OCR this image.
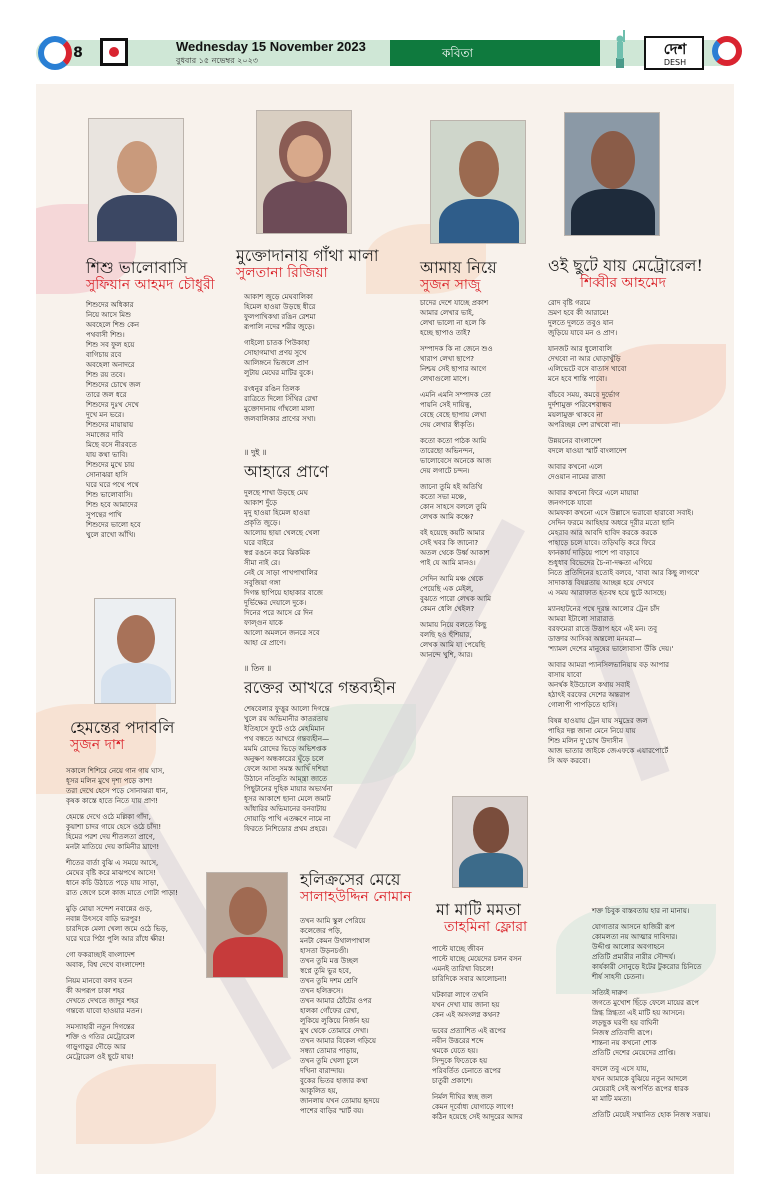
8	Wednesday 15 November 2023
বুধবার ১৫ নভেম্বর ২০২৩
কবিতা	দেশ
DESH
শিশু ভালোবাসি
সুফিয়ান আহমদ চৌধুরী

শিশুদের অধিকার

নিয়ে আসে মিশু

অবহেলে শিশু কেন

পথবাসী শিশু।

শিশু সব ফুল হয়ে

বাগিচায় রবে

অবহেলা অনাদরে

শিশু রয় তবে।

শিশুদের চোখে জল

তারে জল ধরে

শিশুদের দুঃখ দেখে

দুখে মন ভরে।

শিশুদের মায়ায়ায়

সমাজের দাবি

মিছে বসে নীরবতে

যায় কথা ভাবি।

শিশুদের মুখে চায়

সোনাঝরা হাসি

ঘরে ঘরে পথে পথে

শিশু ভালোবাসি।

শিশু হবে আমাদের

সুপন্থের পাখি

শিশুদের ভালো হবে

খুলে রাখো আঁখি।

মুক্তোদানায় গাঁথা মালা
সুলতানা রিজিয়া

আকাশ জুড়ে মেঘবালিকা

হিমেল হাওয়া উড়ছে ধীরে

ফুলপাখিকথা রঙিন রেশমা

রূপালি নদের শরীর জুড়ে।

গাইলো চাতক পিউকাহা

সোহাগমাখা প্রণয় সুখে

আলিঙ্গনে ভিজলে প্রাণ

লুটায় মেঘের মাটির বুকে।

রংধনুর রঙিন তিলক

রাত্রিতে দিলো সিঁথির রেখা

মুক্তোদানায় গাঁথলো মালা

জলবালিকার প্রাণের সখা।

॥ দুই ॥
আহারে প্রাণে

দুলছে শাখা উড়ছে মেঘ

আকাশ দুঁড়ে

মৃদু হাওয়া হিমেল হাওয়া

প্রকৃতি জুড়ে।

আলোয় ছায়া খেলছে খেলা

ঘরে বাইরে

স্বপ্ন রঙনে করে ঝিকমিক

সীমা নাই রে।

নেই যে সাড়া পাখপাখালির

সবুজিয়া গঙ্গা

দিগন্ত ছাপিয়ে হাহাকার বাজে

দুর্ভিক্ষের দেয়ালে দুকে।

দিনের পরে আসে রে দিন

ফাল্গুন যাকে

আলো অমলনে জনরে সবে

আহা রে প্রাণে।

॥ তিন ॥
রক্তের আখরে গন্তব্যহীন

শেষবেলার ফুত্তুর আলো দিগন্তে

খুলে রয় অভিমানীর কাতরতায়

ইতিহাসে ফুটে ওঠে মেহমিমান

পথ বন্ধতে আখরে গন্তব্যহীন—

মমমি রোদের ভিড়ে অভিশপ্তক

অনুক্ষণ অন্ধকারের ঘুঁড়ে চলে

ফেলে আসা সমস্ত আখিঁ দশিয়া

উঠানে নতিনুতি আম্ন্ত্রা জাতে

পিছুটানের দুহিক মায়ার অভ্যর্থনা

ধূসর আকাশে ছানা মেলে জমাট

আঁধারির অভিমানের বনবাটায়

দোয়াড়ি পাখি এতক্ষণে নামে না

ফিরতে নিশিডোর প্রথম প্রহরে।

আমায় নিয়ে
সুজন সাজু

চাদের দেশে যাচ্ছে প্রকাশ

আমার লেখার ভাই,

লেখা ভালো না হলে কি

হচ্ছে ছাপাও তাই?

সম্পাদক কি না জেনে শুও

খারাপ লেখা ছাপে?

নিশ্চয় সেই ছাপার আগে

লেখাগুলো মাপে।

এমনি এমনি সম্পাদক তো

পায়নি সেই দায়িত্ব,

বেছে বেছে ছাপায় লেখা

দেয় লেখার স্বীকৃতি।

কতো কতো পাঠক আমি

তারেছো অভিনন্দন,

ভালোবেসে অনেকে আজ

দেয় লগাটে চন্দন।

জানো তুমি হই অতিথি

কতো সভা মঞ্চে,

কোন সাহসে বললে তুমি

লেখক আমি কঞ্চে?

বই হয়েছে কয়টি আমার

সেই খবর কি জানো?

অতল থেকে উর্ধ্ব আকাশ

পাই যে আমি মানও।

সেদিন আমি মঞ্চ থেকে

পেয়েছি এক মেইল,

বুঝতে পারো লেখক আমি

কেমন ধেলি খেইল?

আমায় নিয়ে বলতে কিছু

বলছি হও হুঁশিয়ার,

লেখক আমি যা পেয়েছি

আনন্দে খুশি, আর।

ওই ছুটে যায় মেট্রোরেল!
শিব্বীর আহমেদ

রোদ বৃষ্টি গরমে

ভ্রমণ হবে কী আরামে!

দুলতে দুলতে তবুও যান

জুড়িয়ে যাবে মন ও প্রাণ।

যানজট আর ধুলোবালি

দেখবো না আর ঘোড়াখুঁড়ি

এলিভেটে বসে বাতাস খাবো

মনে হবে শান্তি পাবো।

বাঁচবে সময়, কমবে দুর্ভোগ

দুর্দশামুক্ত পরিবেশবান্ধব

ময়লামুক্ত থাকবে না

অপরিচ্ছন্ন দেশ রাখবো না।

উন্নয়নের বাংলাদেশ

বদলে যাওয়া স্মার্ট বাংলাদেশ

আবার কখনো এলে

দেওয়ান নামের রাজা

আবার কখনো ফিরে এলে মায়ায়া

জনগণকে যাবো

আমফকা কখনো এসে উল্লাসে ভরাবো হারাবো সবাই।

সেদিন ফরমে আহিহার অধরে দূরীর মতো ছানি

মেহরাব আর আবদি হাবিদ করকে করকে

পাহাড়ে চলে যাবে। তড়িঘড়ি করে ফিরে

ফানকার্য দাড়িয়ে পাশে পা বাড়াবে

শুধুধাব বিভেদের চৈ-না-দক্ষতা এগিয়ে

নিতে প্রতিদিনের হতোই বলবে, 'বাবা আর কিছু লাগবে'

সাদাকাত্ত বিষণ্ণতায় আচ্ছন্ন হয়ে দেখবে

এ সময় আরাফাত হতবম্ব হয়ে ছুটে আসছে।

ম্যানহাটনের পথে দূরন্ত আলোর ট্রেন চাঁদ

আমরা ইটালো সারারাত

বরফমেরা রাতে উত্তাপ হবে এই মন। তবু

ডাক্তার আসিব্ব অন্তলো মনমরা—

'শ্যামল দেশের মানুষের ভালোবাসা উঁকি দেয়।'

আবার আমরা প্যানসিলভানিয়ায় বড় আপার

বাসায় যাবো

অনর্থক ইউচোলে কথায় সবাই

হঠাৎই বরফের দেশের অন্তরাপ

গোলাপী পাপড়িতে হাসি।

বিষন্ন হাওয়ায় ট্রেন যায় সমুদ্রের জল

পাহির দল্প জানা মেনে নিয়ে যায়

শিশু মলিন দু'চোখ উদাসীন

আজ ভাতার জাইকে জেএফকে এয়ারপোর্টে

সি অফ করবো।

হেমন্তের পদাবলি
সুজন দাশ

সকালে শিশিরে নেয়ে গান গায় ঘাস,

ধূসর মলিন মুখে দৃশ্য পড়ে কাশ!

তরা দেখে হেসে পড়ে সোনাঝরা ধান,

কৃষক কাস্তে হাতে নিতে যায় প্রাণ!

হেমন্তে দেখে ওঠে মল্লিকা গাঁদা,

কুয়াশা চাদর গায়ে হেসে ওঠে চাঁদা!

হিমের পরশ দেয় শীতলতা প্রাণে,

মনটা মাতিয়ে দেয় কামিনীর ঘ্রাণে!

শীতের বার্তা বুঝি এ সময়ে আসে,

মেঘের বৃষ্টি করে মাঝপথে আসে!

ধানে কচি উঠাতে পড়ে যায় সাড়া,

রাত জেগে চলে কাজ মাতে গোটা পাড়া!

মুড়ি মোয়া সন্দেশ নবান্নের গুড়,

নবান্ন উৎসবে বাড়ি ভরপুর!

চারদিকে মেলা খেলা জমে ওঠে ভিড়,

ঘরে ঘরে পিঠা পুলি আর রাঁধে ক্ষীর!

গো ফকরাচ্ছাই বাংলাদেশ

অবাক, বিশ্ব দেখে বাংলাদেশ!

নিয়ম মানবো বলব যতন

কী অপরূপ চাকা শহর

দেখতে দেখতে জাদুর শহর

গন্তব্যে যাবো হাওয়ার মতন।

সমস্যাহারী নতুন দিগন্তের

শক্তি ও গতির মেট্রোরেল

গাড়ুগাড়ুর দৌড়ে আর

মেট্রোরেল ওই ছুটে যায়!

হলিক্রসের মেয়ে
সালাহউদ্দিন নোমান

তখন আমি স্কুল পেরিয়ে

কলেজের পড়ি,

মনটা কেমন উথালপাথাল

হাসতা উড়নচণ্ডী।

তখন তুমি মত্ত উচ্ছল

স্বপ্নে তুমি ভুর হবে,

তখন তুমি দশম শ্রেণি

তখন হলিক্রসে।

তখন আমার ঠোঁটের ওপর

হালকা গোঁফের রেখা,

লুকিয়ে লুকিয়ে নির্জন হয়

মুখ থেকে তোমারে দেখা।

তখন আমার বিকেল গড়িয়ে

সন্ধ্যা তোমার পাড়ায়,

তখন তুমি খেলা চুলে

দখিনা বারান্দায়।

বুকের ভিতর হাজার কথা

আকুলিত হয়,

জানলায় যখন তোমায় হৃদয়ে

পাশের বাড়ির স্মার্ট বয়।

মা মাটি মমতা
তাহমিনা ফ্লোরা

পাল্টে যাচ্ছে জীবন

পাল্টে যাচ্ছে মেয়েদের চলন বসন

এমনই তারিখা বিচলে!

চারিদিকে সবার আলোচনা!

ঘটকারা লাগে তখনি

যখন দেখা যায় জানা হয়

কেন এই অসংলগ্ন কথন?

ভবের প্রত্যাশিত এই রূপের

নবীন উত্তরের শব্দে

থমকে যেতে হয়।

সিন্দুকে ফিতেকে হয়

পরিবর্তিত চেনাতে রূপের

চাতুরী প্রকাশে।

নির্মল দীঘির স্বচ্ছ জল

কেমন দূর্বোধ্য যোগাড়ে লাগে!

কঠিন হয়েছে সেই আদুরের আদর

শক্ত চিবুক বাস্তবতায় হার না মানায়।

যোগ্যতার আসনে হাজিরী রূপ

কোমলতা নয় আত্মার দাবিদার।

উদ্দীপ্ত আলোর অবগাহনে

প্রতিটি প্রমারীর নারীর সৌন্দর্য।

কার্যকারী সোনুড়ে ইটের টুকরোর চিনিতে

শীর্ষ সাহসী চেতনা।

সত্যিই দারুণ

জগতে মুখোশ ছিঁড়ে ফেলে মায়ের রূপে

স্নিগ্ধ স্নিগ্ধতা এই মাটি হয় আসনে।

লড়ছুক ঘরণী হয় বাঘিনী

নিজস্ব প্রতিবাদী রূপে।

শান্তনা নয় কখনো শোক

প্রতিটি দেশের মেয়েদের প্রাপ্তি।

বদলে তবু এসে যায়,

যখন আমাকে বুঝিয়ে নতুন আদলে

মেয়েরাই সেই অপর্ণিত রূপের ধারক

মা মাটি মমতা।

প্রতিটি মেয়েই সম্মানিত হোক নিজস্ব সত্তায়।
